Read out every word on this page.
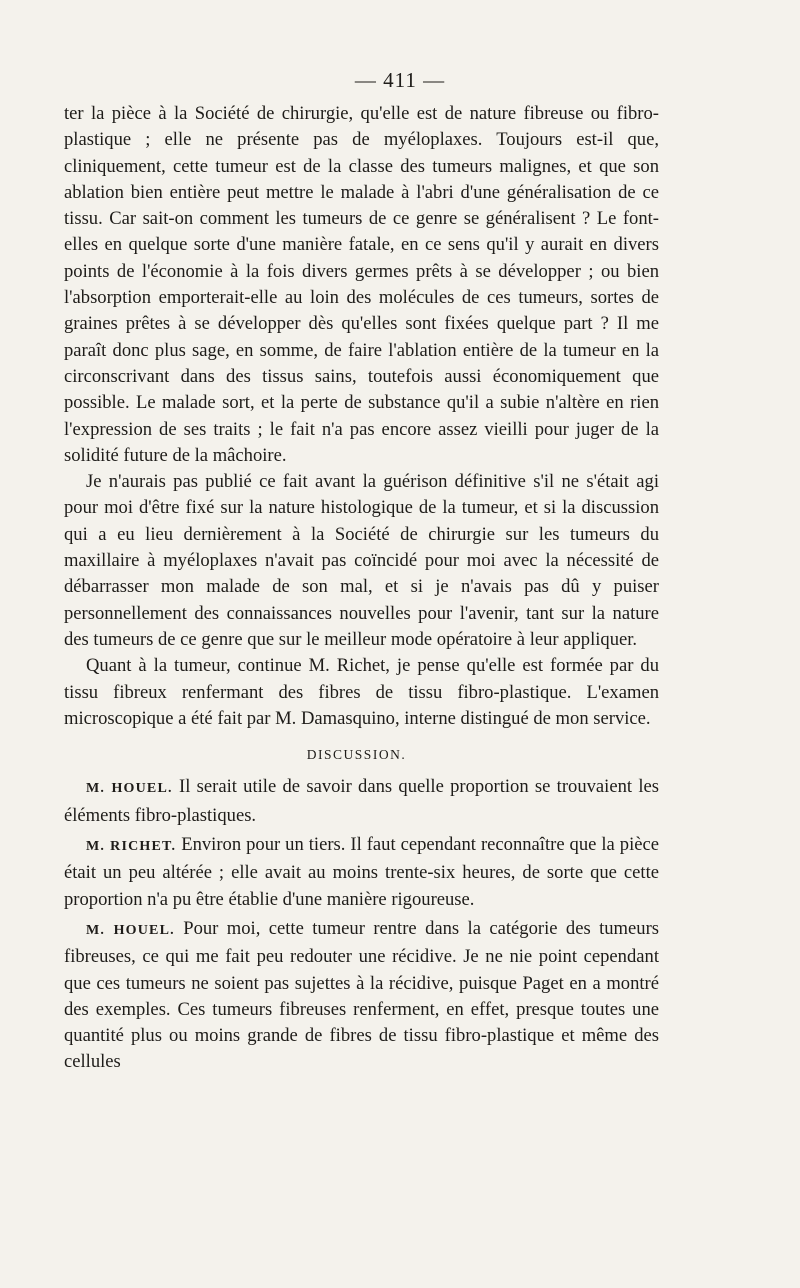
— 411 —

ter la pièce à la Société de chirurgie, qu'elle est de nature fibreuse ou fibro-plastique ; elle ne présente pas de myéloplaxes. Toujours est-il que, cliniquement, cette tumeur est de la classe des tumeurs malignes, et que son ablation bien entière peut mettre le malade à l'abri d'une généralisation de ce tissu. Car sait-on comment les tumeurs de ce genre se généralisent ? Le font-elles en quelque sorte d'une manière fatale, en ce sens qu'il y aurait en divers points de l'économie à la fois divers germes prêts à se développer ; ou bien l'absorption emporterait-elle au loin des molécules de ces tumeurs, sortes de graines prêtes à se développer dès qu'elles sont fixées quelque part ? Il me paraît donc plus sage, en somme, de faire l'ablation entière de la tumeur en la circonscrivant dans des tissus sains, toutefois aussi économiquement que possible. Le malade sort, et la perte de substance qu'il a subie n'altère en rien l'expression de ses traits ; le fait n'a pas encore assez vieilli pour juger de la solidité future de la mâchoire.

Je n'aurais pas publié ce fait avant la guérison définitive s'il ne s'était agi pour moi d'être fixé sur la nature histologique de la tumeur, et si la discussion qui a eu lieu dernièrement à la Société de chirurgie sur les tumeurs du maxillaire à myéloplaxes n'avait pas coïncidé pour moi avec la nécessité de débarrasser mon malade de son mal, et si je n'avais pas dû y puiser personnellement des connaissances nouvelles pour l'avenir, tant sur la nature des tumeurs de ce genre que sur le meilleur mode opératoire à leur appliquer.

Quant à la tumeur, continue M. Richet, je pense qu'elle est formée par du tissu fibreux renfermant des fibres de tissu fibro-plastique. L'examen microscopique a été fait par M. Damasquino, interne distingué de mon service.

DISCUSSION.

M. HOUEL. Il serait utile de savoir dans quelle proportion se trouvaient les éléments fibro-plastiques.

M. RICHET. Environ pour un tiers. Il faut cependant reconnaître que la pièce était un peu altérée ; elle avait au moins trente-six heures, de sorte que cette proportion n'a pu être établie d'une manière rigoureuse.

M. HOUEL. Pour moi, cette tumeur rentre dans la catégorie des tumeurs fibreuses, ce qui me fait peu redouter une récidive. Je ne nie point cependant que ces tumeurs ne soient pas sujettes à la récidive, puisque Paget en a montré des exemples. Ces tumeurs fibreuses renferment, en effet, presque toutes une quantité plus ou moins grande de fibres de tissu fibro-plastique et même des cellules
